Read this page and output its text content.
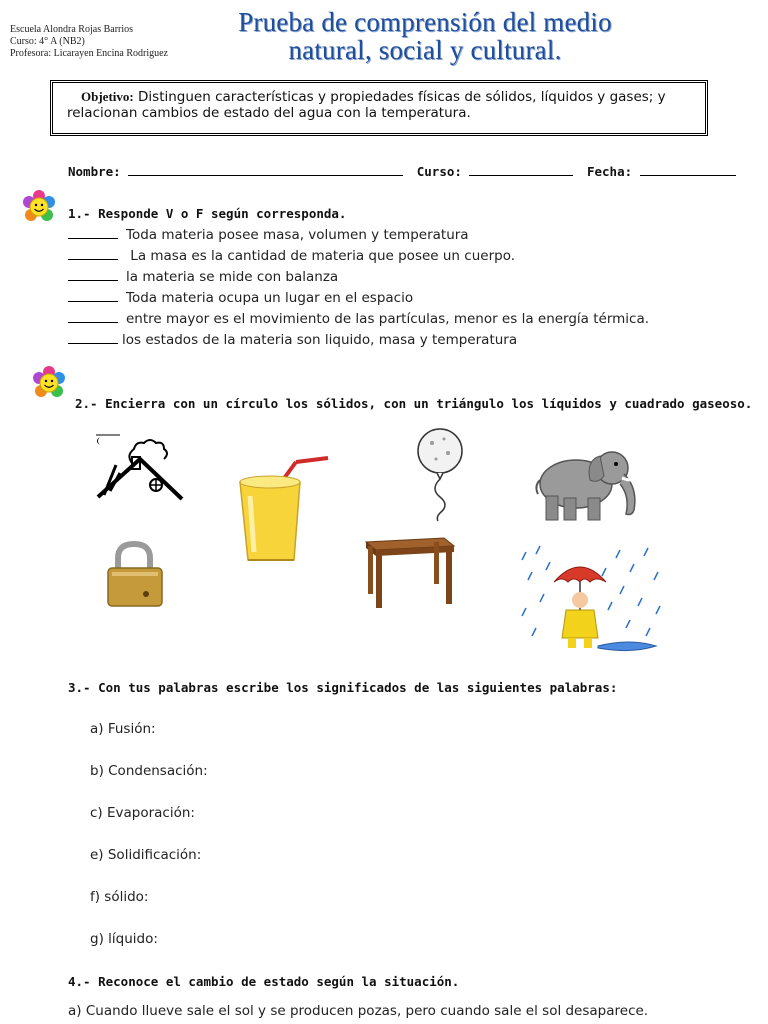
Escuela Alondra Rojas Barrios
Curso: 4° A (NB2)
Profesora: Licarayen Encina Rodriguez
Prueba de comprensión del medio
natural, social y cultural.
Objetivo: Distinguen características y propiedades físicas de sólidos, líquidos y gases; y relacionan cambios de estado del agua con la temperatura.
Nombre:	Curso:	Fecha:
1.- Responde V o F según corresponda.
Toda materia posee masa, volumen y temperatura
La masa es la cantidad de materia que posee un cuerpo.
la materia se mide con balanza
Toda materia ocupa un lugar en el espacio
entre mayor es el movimiento de las partículas, menor es la energía térmica.
los estados de la materia son liquido, masa y temperatura
2.- Encierra con un círculo los sólidos, con un triángulo los líquidos y cuadrado gaseoso.
3.- Con tus palabras escribe los significados de las siguientes palabras:
a) Fusión:
b) Condensación:
c) Evaporación:
e) Solidificación:
f) sólido:
g) líquido:
4.- Reconoce el cambio de estado según la situación.
a) Cuando llueve sale el sol y se producen pozas, pero cuando sale el sol desaparece.
